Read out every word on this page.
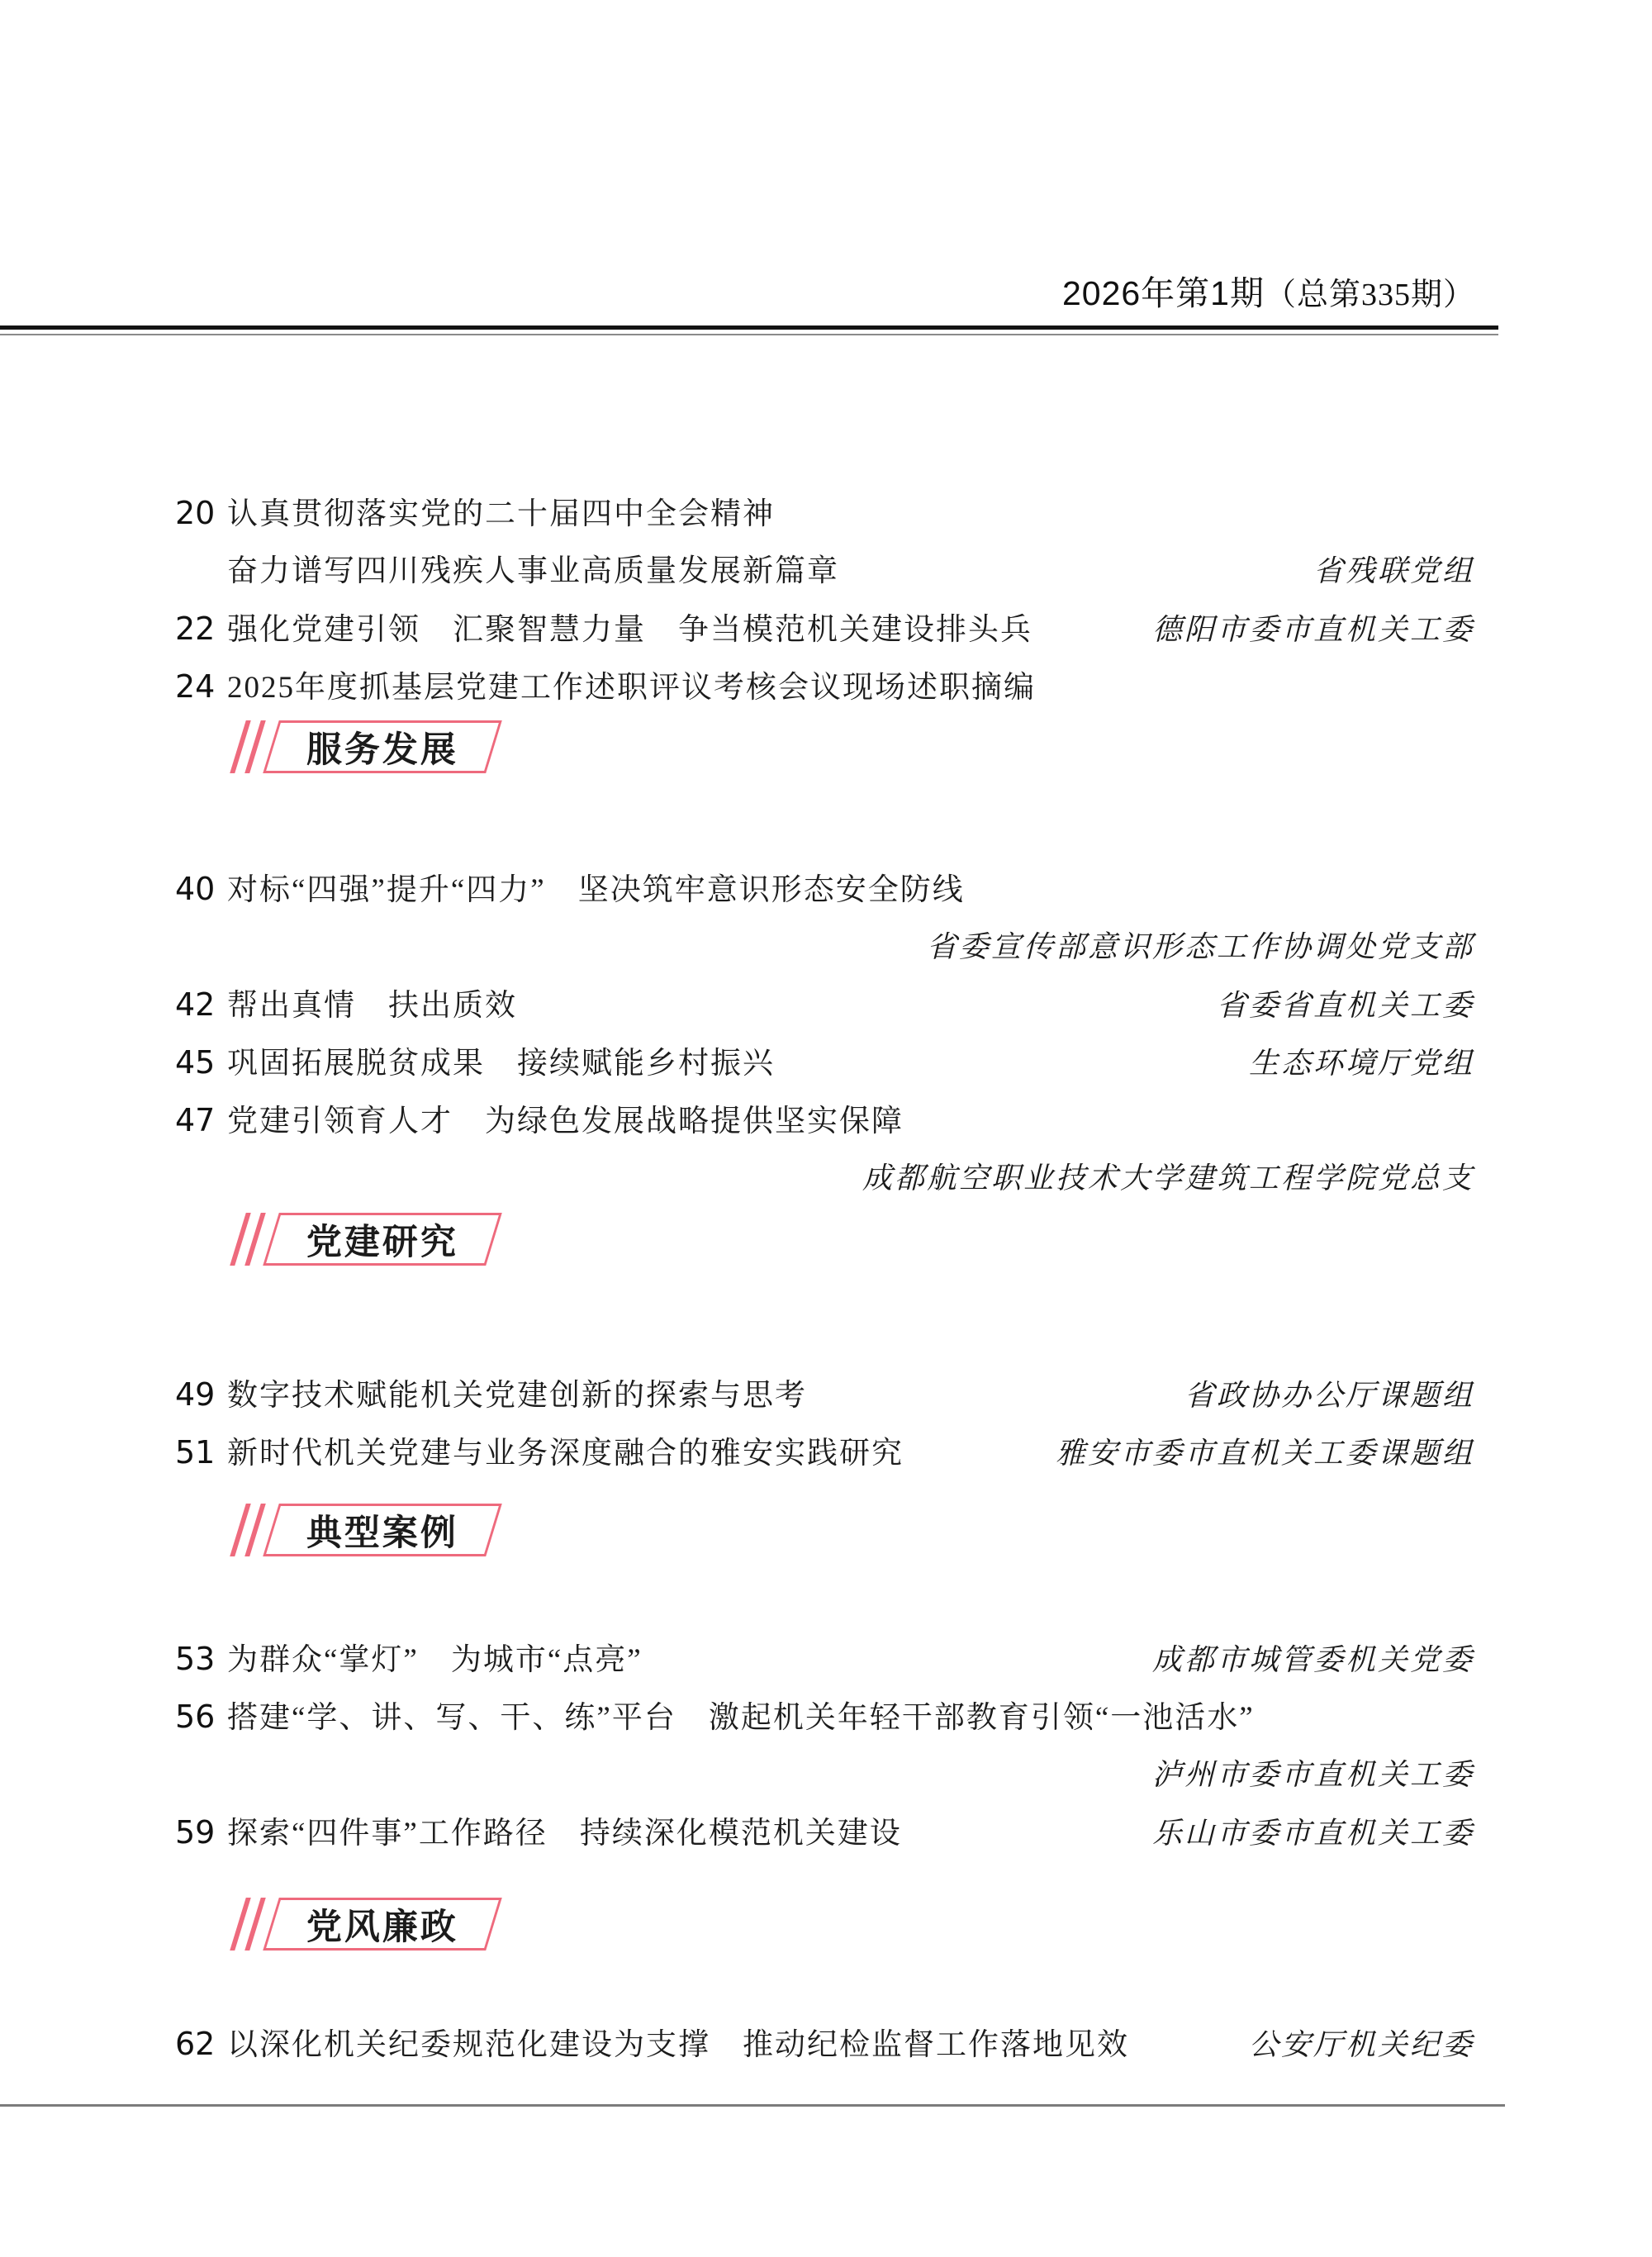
2026年第1期（总第335期）
20 认真贯彻落实党的二十届四中全会精神
奋力谱写四川残疾人事业高质量发展新篇章	省残联党组
22 强化党建引领　汇聚智慧力量　争当模范机关建设排头兵	德阳市委市直机关工委
24 2025年度抓基层党建工作述职评议考核会议现场述职摘编
服务发展
40 对标“四强”提升“四力”　坚决筑牢意识形态安全防线
省委宣传部意识形态工作协调处党支部
42 帮出真情　扶出质效	省委省直机关工委
45 巩固拓展脱贫成果　接续赋能乡村振兴	生态环境厅党组
47 党建引领育人才　为绿色发展战略提供坚实保障
成都航空职业技术大学建筑工程学院党总支
党建研究
49 数字技术赋能机关党建创新的探索与思考	省政协办公厅课题组
51 新时代机关党建与业务深度融合的雅安实践研究	雅安市委市直机关工委课题组
典型案例
53 为群众“掌灯”　为城市“点亮”	成都市城管委机关党委
56 搭建“学、讲、写、干、练”平台　激起机关年轻干部教育引领“一池活水”
泸州市委市直机关工委
59 探索“四件事”工作路径　持续深化模范机关建设	乐山市委市直机关工委
党风廉政
62 以深化机关纪委规范化建设为支撑　推动纪检监督工作落地见效	公安厅机关纪委
